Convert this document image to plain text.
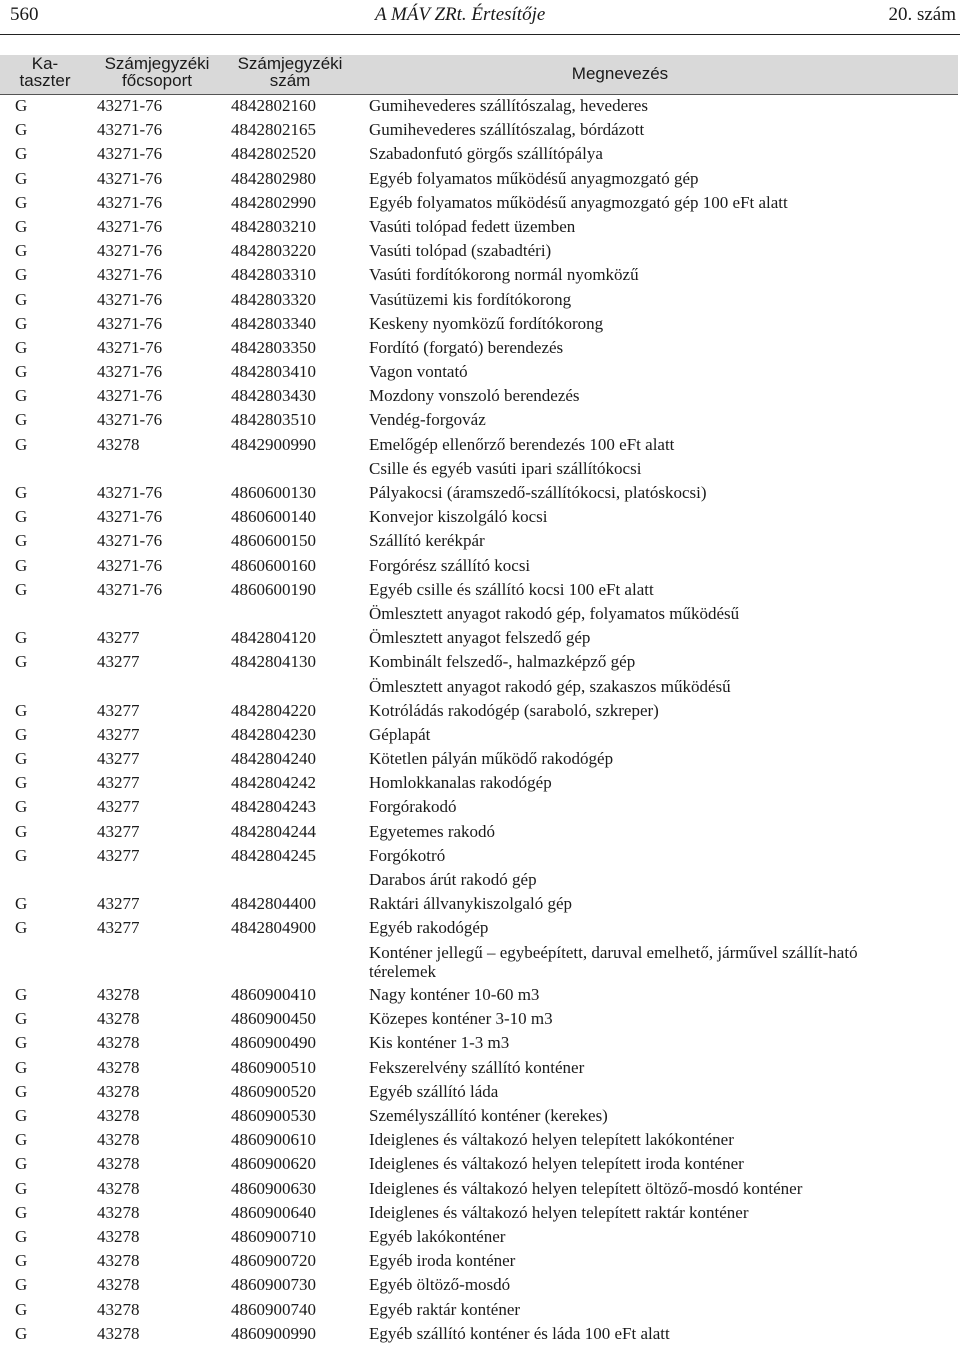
560	A MÁV ZRt. Értesítője	20. szám
Ka-
taszter
Számjegyzéki
főcsoport
Számjegyzéki
szám	Megnevezés
G	43271-76	4842802160	Gumihevederes szállítószalag, hevederes
G	43271-76	4842802165	Gumihevederes szállítószalag, bórdázott
G	43271-76	4842802520	Szabadonfutó görgős szállítópálya
G	43271-76	4842802980	Egyéb folyamatos működésű anyagmozgató gép
G	43271-76	4842802990	Egyéb folyamatos működésű anyagmozgató gép 100 eFt alatt
G	43271-76	4842803210	Vasúti tolópad fedett üzemben
G	43271-76	4842803220	Vasúti tolópad (szabadtéri)
G	43271-76	4842803310	Vasúti fordítókorong normál nyomközű
G	43271-76	4842803320	Vasútüzemi kis fordítókorong
G	43271-76	4842803340	Keskeny nyomközű fordítókorong
G	43271-76	4842803350	Fordító (forgató) berendezés
G	43271-76	4842803410	Vagon vontató
G	43271-76	4842803430	Mozdony vonszoló berendezés
G	43271-76	4842803510	Vendég-forgováz
G	43278	4842900990	Emelőgép ellenőrző berendezés 100 eFt alatt
Csille és egyéb vasúti ipari szállítókocsi
G	43271-76	4860600130	Pályakocsi (áramszedő-szállítókocsi, platóskocsi)
G	43271-76	4860600140	Konvejor kiszolgáló kocsi
G	43271-76	4860600150	Szállító kerékpár
G	43271-76	4860600160	Forgórész szállító kocsi
G	43271-76	4860600190	Egyéb csille és szállító kocsi 100 eFt alatt
Ömlesztett anyagot rakodó gép, folyamatos működésű
G	43277	4842804120	Ömlesztett anyagot felszedő gép
G	43277	4842804130	Kombinált felszedő-, halmazképző gép
Ömlesztett anyagot rakodó gép, szakaszos működésű
G	43277	4842804220	Kotróládás rakodógép (saraboló, szkreper)
G	43277	4842804230	Géplapát
G	43277	4842804240	Kötetlen pályán működő rakodógép
G	43277	4842804242	Homlokkanalas rakodógép
G	43277	4842804243	Forgórakodó
G	43277	4842804244	Egyetemes rakodó
G	43277	4842804245	Forgókotró
Darabos árút rakodó gép
G	43277	4842804400	Raktári állvanykiszolgaló gép
G	43277	4842804900	Egyéb rakodógép
Konténer jellegű – egybeépített, daruval emelhető, járművel szállít-ható térelemek
G	43278	4860900410	Nagy konténer 10-60 m3
G	43278	4860900450	Közepes konténer 3-10 m3
G	43278	4860900490	Kis konténer 1-3 m3
G	43278	4860900510	Fekszerelvény szállító konténer
G	43278	4860900520	Egyéb szállító láda
G	43278	4860900530	Személyszállító konténer (kerekes)
G	43278	4860900610	Ideiglenes és váltakozó helyen telepített lakókonténer
G	43278	4860900620	Ideiglenes és váltakozó helyen telepített iroda konténer
G	43278	4860900630	Ideiglenes és váltakozó helyen telepített öltöző-mosdó konténer
G	43278	4860900640	Ideiglenes és váltakozó helyen telepített raktár konténer
G	43278	4860900710	Egyéb lakókonténer
G	43278	4860900720	Egyéb iroda konténer
G	43278	4860900730	Egyéb öltöző-mosdó
G	43278	4860900740	Egyéb raktár konténer
G	43278	4860900990	Egyéb szállító konténer és láda 100 eFt alatt
